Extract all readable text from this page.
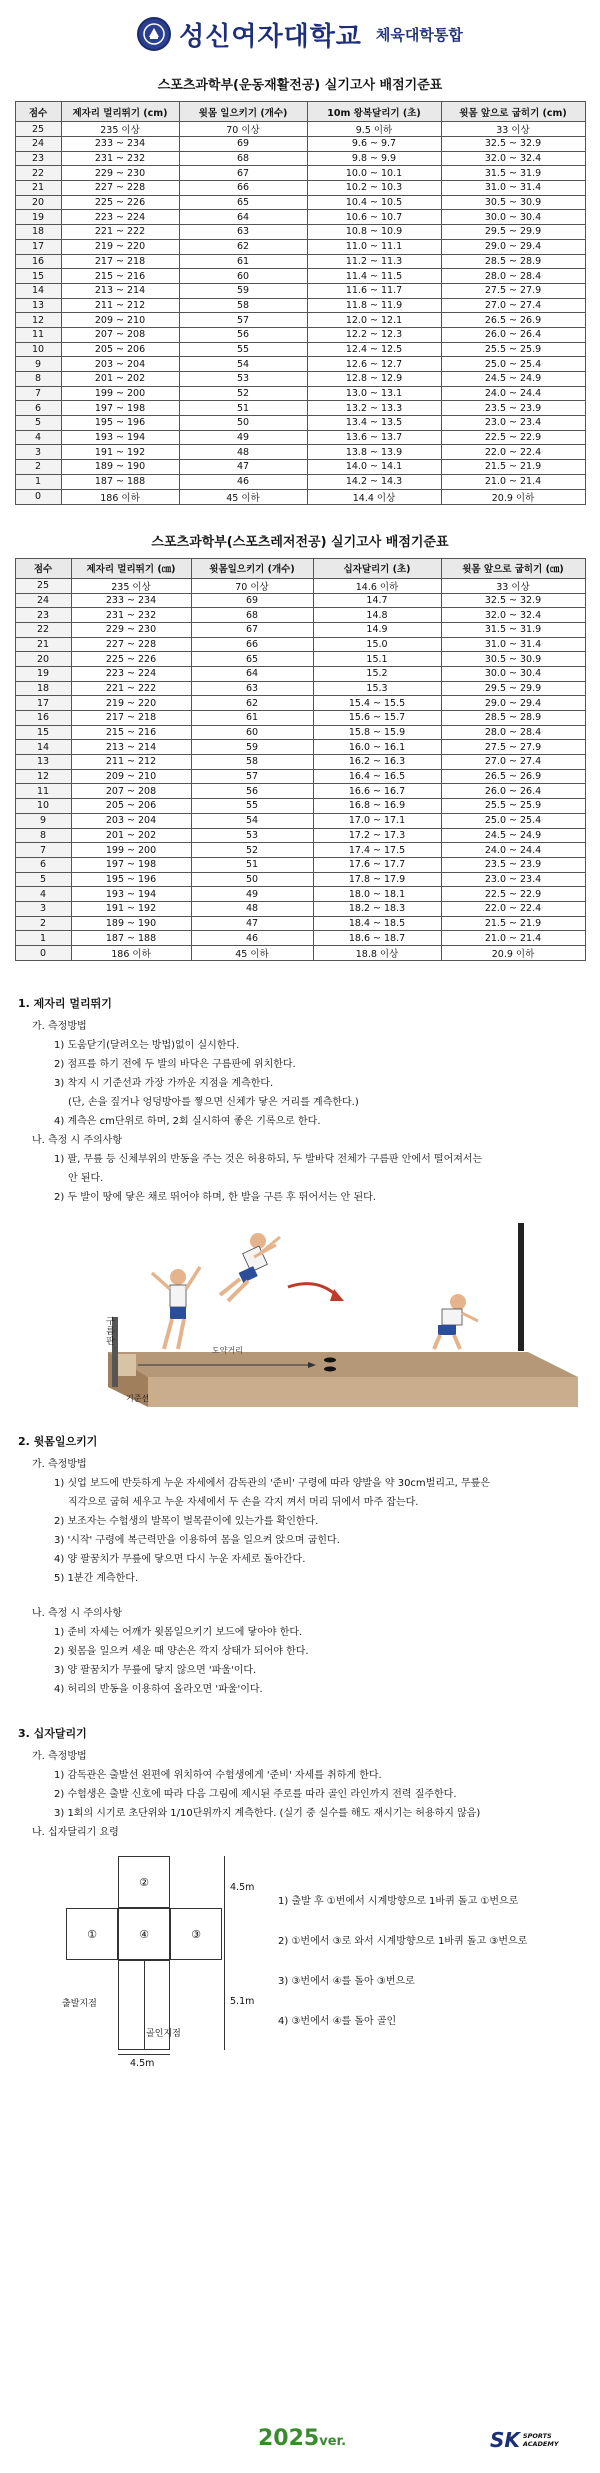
성신여자대학교 체육대학통합
스포츠과학부(운동재활전공) 실기고사 배점기준표
점수	제자리 멀리뛰기 (cm)	윗몸 일으키기 (개수)	10m 왕복달리기 (초)	윗몸 앞으로 굽히기 (cm)
25	235 이상	70 이상	9.5 이하	33 이상
24	233 ~ 234	69	9.6 ~ 9.7	32.5 ~ 32.9
23	231 ~ 232	68	9.8 ~ 9.9	32.0 ~ 32.4
22	229 ~ 230	67	10.0 ~ 10.1	31.5 ~ 31.9
21	227 ~ 228	66	10.2 ~ 10.3	31.0 ~ 31.4
20	225 ~ 226	65	10.4 ~ 10.5	30.5 ~ 30.9
19	223 ~ 224	64	10.6 ~ 10.7	30.0 ~ 30.4
18	221 ~ 222	63	10.8 ~ 10.9	29.5 ~ 29.9
17	219 ~ 220	62	11.0 ~ 11.1	29.0 ~ 29.4
16	217 ~ 218	61	11.2 ~ 11.3	28.5 ~ 28.9
15	215 ~ 216	60	11.4 ~ 11.5	28.0 ~ 28.4
14	213 ~ 214	59	11.6 ~ 11.7	27.5 ~ 27.9
13	211 ~ 212	58	11.8 ~ 11.9	27.0 ~ 27.4
12	209 ~ 210	57	12.0 ~ 12.1	26.5 ~ 26.9
11	207 ~ 208	56	12.2 ~ 12.3	26.0 ~ 26.4
10	205 ~ 206	55	12.4 ~ 12.5	25.5 ~ 25.9
9	203 ~ 204	54	12.6 ~ 12.7	25.0 ~ 25.4
8	201 ~ 202	53	12.8 ~ 12.9	24.5 ~ 24.9
7	199 ~ 200	52	13.0 ~ 13.1	24.0 ~ 24.4
6	197 ~ 198	51	13.2 ~ 13.3	23.5 ~ 23.9
5	195 ~ 196	50	13.4 ~ 13.5	23.0 ~ 23.4
4	193 ~ 194	49	13.6 ~ 13.7	22.5 ~ 22.9
3	191 ~ 192	48	13.8 ~ 13.9	22.0 ~ 22.4
2	189 ~ 190	47	14.0 ~ 14.1	21.5 ~ 21.9
1	187 ~ 188	46	14.2 ~ 14.3	21.0 ~ 21.4
0	186 이하	45 이하	14.4 이상	20.9 이하
스포츠과학부(스포츠레저전공) 실기고사 배점기준표
점수	제자리 멀리뛰기 (㎝)	윗몸일으키기 (개수)	십자달리기 (초)	윗몸 앞으로 굽히기 (㎝)
25	235 이상	70 이상	14.6 이하	33 이상
24	233 ~ 234	69	14.7	32.5 ~ 32.9
23	231 ~ 232	68	14.8	32.0 ~ 32.4
22	229 ~ 230	67	14.9	31.5 ~ 31.9
21	227 ~ 228	66	15.0	31.0 ~ 31.4
20	225 ~ 226	65	15.1	30.5 ~ 30.9
19	223 ~ 224	64	15.2	30.0 ~ 30.4
18	221 ~ 222	63	15.3	29.5 ~ 29.9
17	219 ~ 220	62	15.4 ~ 15.5	29.0 ~ 29.4
16	217 ~ 218	61	15.6 ~ 15.7	28.5 ~ 28.9
15	215 ~ 216	60	15.8 ~ 15.9	28.0 ~ 28.4
14	213 ~ 214	59	16.0 ~ 16.1	27.5 ~ 27.9
13	211 ~ 212	58	16.2 ~ 16.3	27.0 ~ 27.4
12	209 ~ 210	57	16.4 ~ 16.5	26.5 ~ 26.9
11	207 ~ 208	56	16.6 ~ 16.7	26.0 ~ 26.4
10	205 ~ 206	55	16.8 ~ 16.9	25.5 ~ 25.9
9	203 ~ 204	54	17.0 ~ 17.1	25.0 ~ 25.4
8	201 ~ 202	53	17.2 ~ 17.3	24.5 ~ 24.9
7	199 ~ 200	52	17.4 ~ 17.5	24.0 ~ 24.4
6	197 ~ 198	51	17.6 ~ 17.7	23.5 ~ 23.9
5	195 ~ 196	50	17.8 ~ 17.9	23.0 ~ 23.4
4	193 ~ 194	49	18.0 ~ 18.1	22.5 ~ 22.9
3	191 ~ 192	48	18.2 ~ 18.3	22.0 ~ 22.4
2	189 ~ 190	47	18.4 ~ 18.5	21.5 ~ 21.9
1	187 ~ 188	46	18.6 ~ 18.7	21.0 ~ 21.4
0	186 이하	45 이하	18.8 이상	20.9 이하
1. 제자리 멀리뛰기
가. 측정방법
1) 도움닫기(달려오는 방법)없이 실시한다.
2) 점프를 하기 전에 두 발의 바닥은 구름판에 위치한다.
3) 착지 시 기준선과 가장 가까운 지점을 계측한다.
(단, 손을 짚거나 엉덩방아를 찧으면 신체가 닿은 거리를 계측한다.)
4) 계측은 cm단위로 하며, 2회 실시하여 좋은 기록으로 한다.
나. 측정 시 주의사항
1) 팔, 무릎 등 신체부위의 반동을 주는 것은 허용하되, 두 발바닥 전체가 구름판 안에서 떨어져서는
안 된다.
2) 두 발이 땅에 닿은 채로 뛰어야 하며, 한 발을 구른 후 뛰어서는 안 된다.
구름판
도약거리
기준선
2. 윗몸일으키기
가. 측정방법
1) 싯업 보드에 반듯하게 누운 자세에서 감독관의 '준비' 구령에 따라 양발을 약 30cm벌리고, 무릎은
직각으로 굽혀 세우고 누운 자세에서 두 손을 각지 껴서 머리 뒤에서 마주 잡는다.
2) 보조자는 수험생의 발목이 벌목끝이에 있는가를 확인한다.
3) '시작' 구령에 복근력만을 이용하여 몸을 일으켜 앉으며 굽힌다.
4) 양 팔꿈치가 무릎에 닿으면 다시 누운 자세로 돌아간다.
5) 1분간 계측한다.
나. 측정 시 주의사항
1) 준비 자세는 어깨가 윗몸일으키기 보드에 닿아야 한다.
2) 윗몸을 일으켜 세운 때 양손은 깍지 상태가 되어야 한다.
3) 양 팔꿈치가 무릎에 닿지 않으면 '파울'이다.
4) 허리의 반동을 이용하여 올라오면 '파울'이다.
3. 십자달리기
가. 측정방법
1) 감독관은 출발선 왼편에 위치하여 수험생에게 '준비' 자세를 취하게 한다.
2) 수험생은 출발 신호에 따라 다음 그림에 제시된 주로를 따라 골인 라인까지 전력 질주한다.
3) 1회의 시기로 초단위와 1/10단위까지 계측한다. (실기 중 실수를 해도 재시기는 허용하지 않음)
나. 십자달리기 요령
②
①	④	③
출발지점
골인지점
4.5m
5.1m
4.5m
1) 출발 후 ①번에서 시계방향으로 1바퀴 돌고 ①번으로
2) ①번에서 ③로 와서 시계방향으로 1바퀴 돌고 ③번으로
3) ③번에서 ④를 돌아 ③번으로
4) ③번에서 ④를 돌아 골인
2025ver.	SK SPORTS
ACADEMY
